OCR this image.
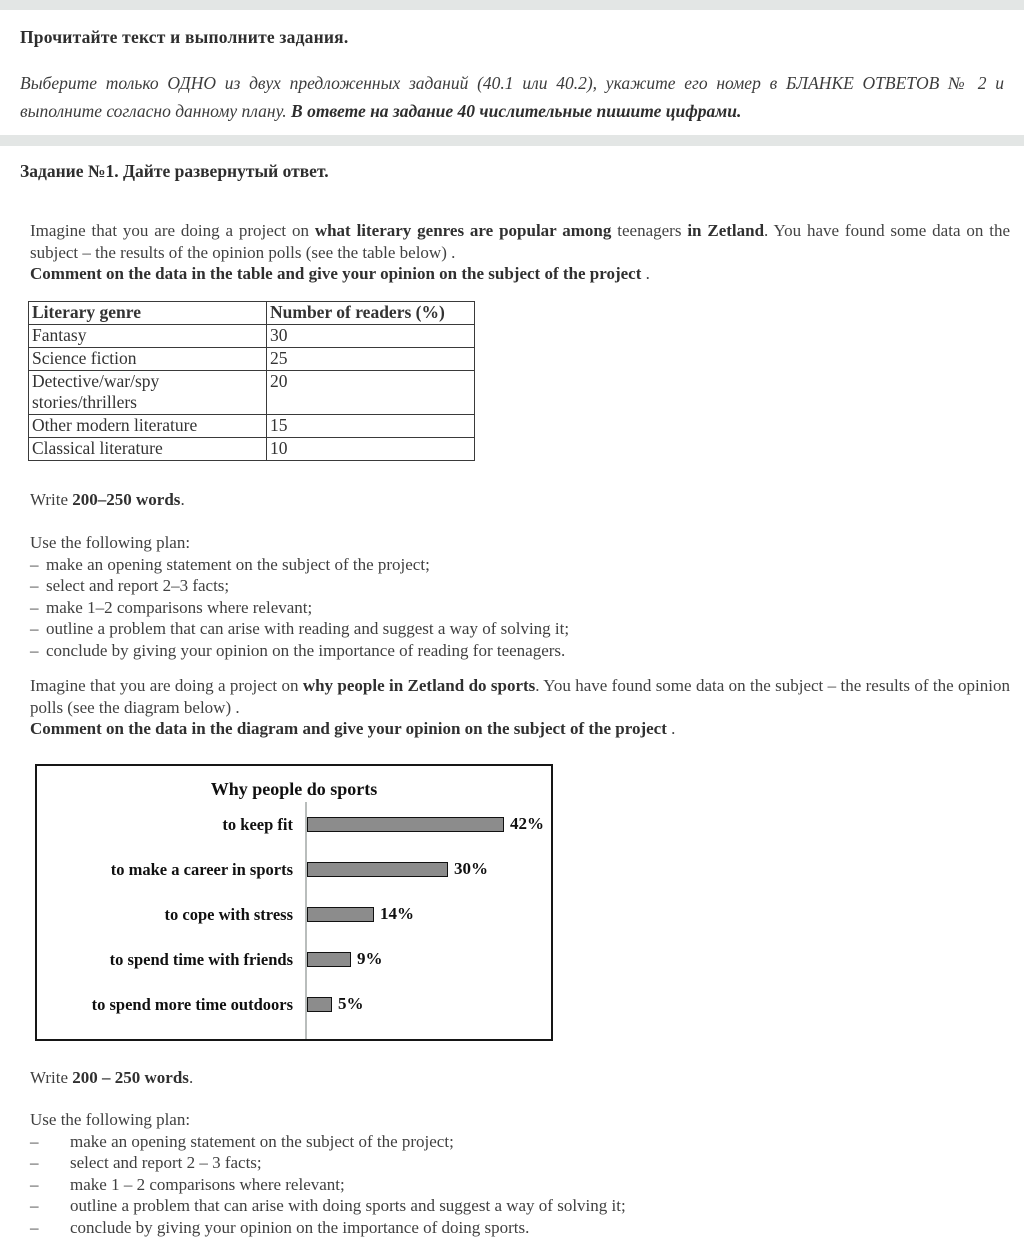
Прочитайте текст и выполните задания.

Выберите только ОДНО из двух предложенных заданий (40.1 или 40.2), укажите его номер в БЛАНКЕ ОТВЕТОВ № 2 и выполните согласно данному плану. В ответе на задание 40 числительные пишите цифрами.

Задание №1. Дайте развернутый ответ.
Imagine that you are doing a project on what literary genres are popular among teenagers in Zetland. You have found some data on the subject – the results of the opinion polls (see the table below) .
Comment on the data in the table and give your opinion on the subject of the project .
Literary genre	Number of readers (%)
Fantasy	30
Science fiction	25
Detective/war/spy stories/thrillers	20
Other modern literature	15
Classical literature	10

Write 200–250 words.

Use the following plan:

– make an opening statement on the subject of the project;
– select and report 2–3 facts;
– make 1–2 comparisons where relevant;
– outline a problem that can arise with reading and suggest a way of solving it;
– conclude by giving your opinion on the importance of reading for teenagers.
Imagine that you are doing a project on why people in Zetland do sports. You have found some data on the subject – the results of the opinion polls (see the diagram below) .
Comment on the data in the diagram and give your opinion on the subject of the project .
Why people do sports
to keep fit
to make a career in sports
to cope with stress
to spend time with friends
to spend more time outdoors
42%
30%
14%
9%
5%

Write 200 – 250 words.

Use the following plan:

– make an opening statement on the subject of the project;
– select and report 2 – 3 facts;
– make 1 – 2 comparisons where relevant;
– outline a problem that can arise with doing sports and suggest a way of solving it;
– conclude by giving your opinion on the importance of doing sports.
